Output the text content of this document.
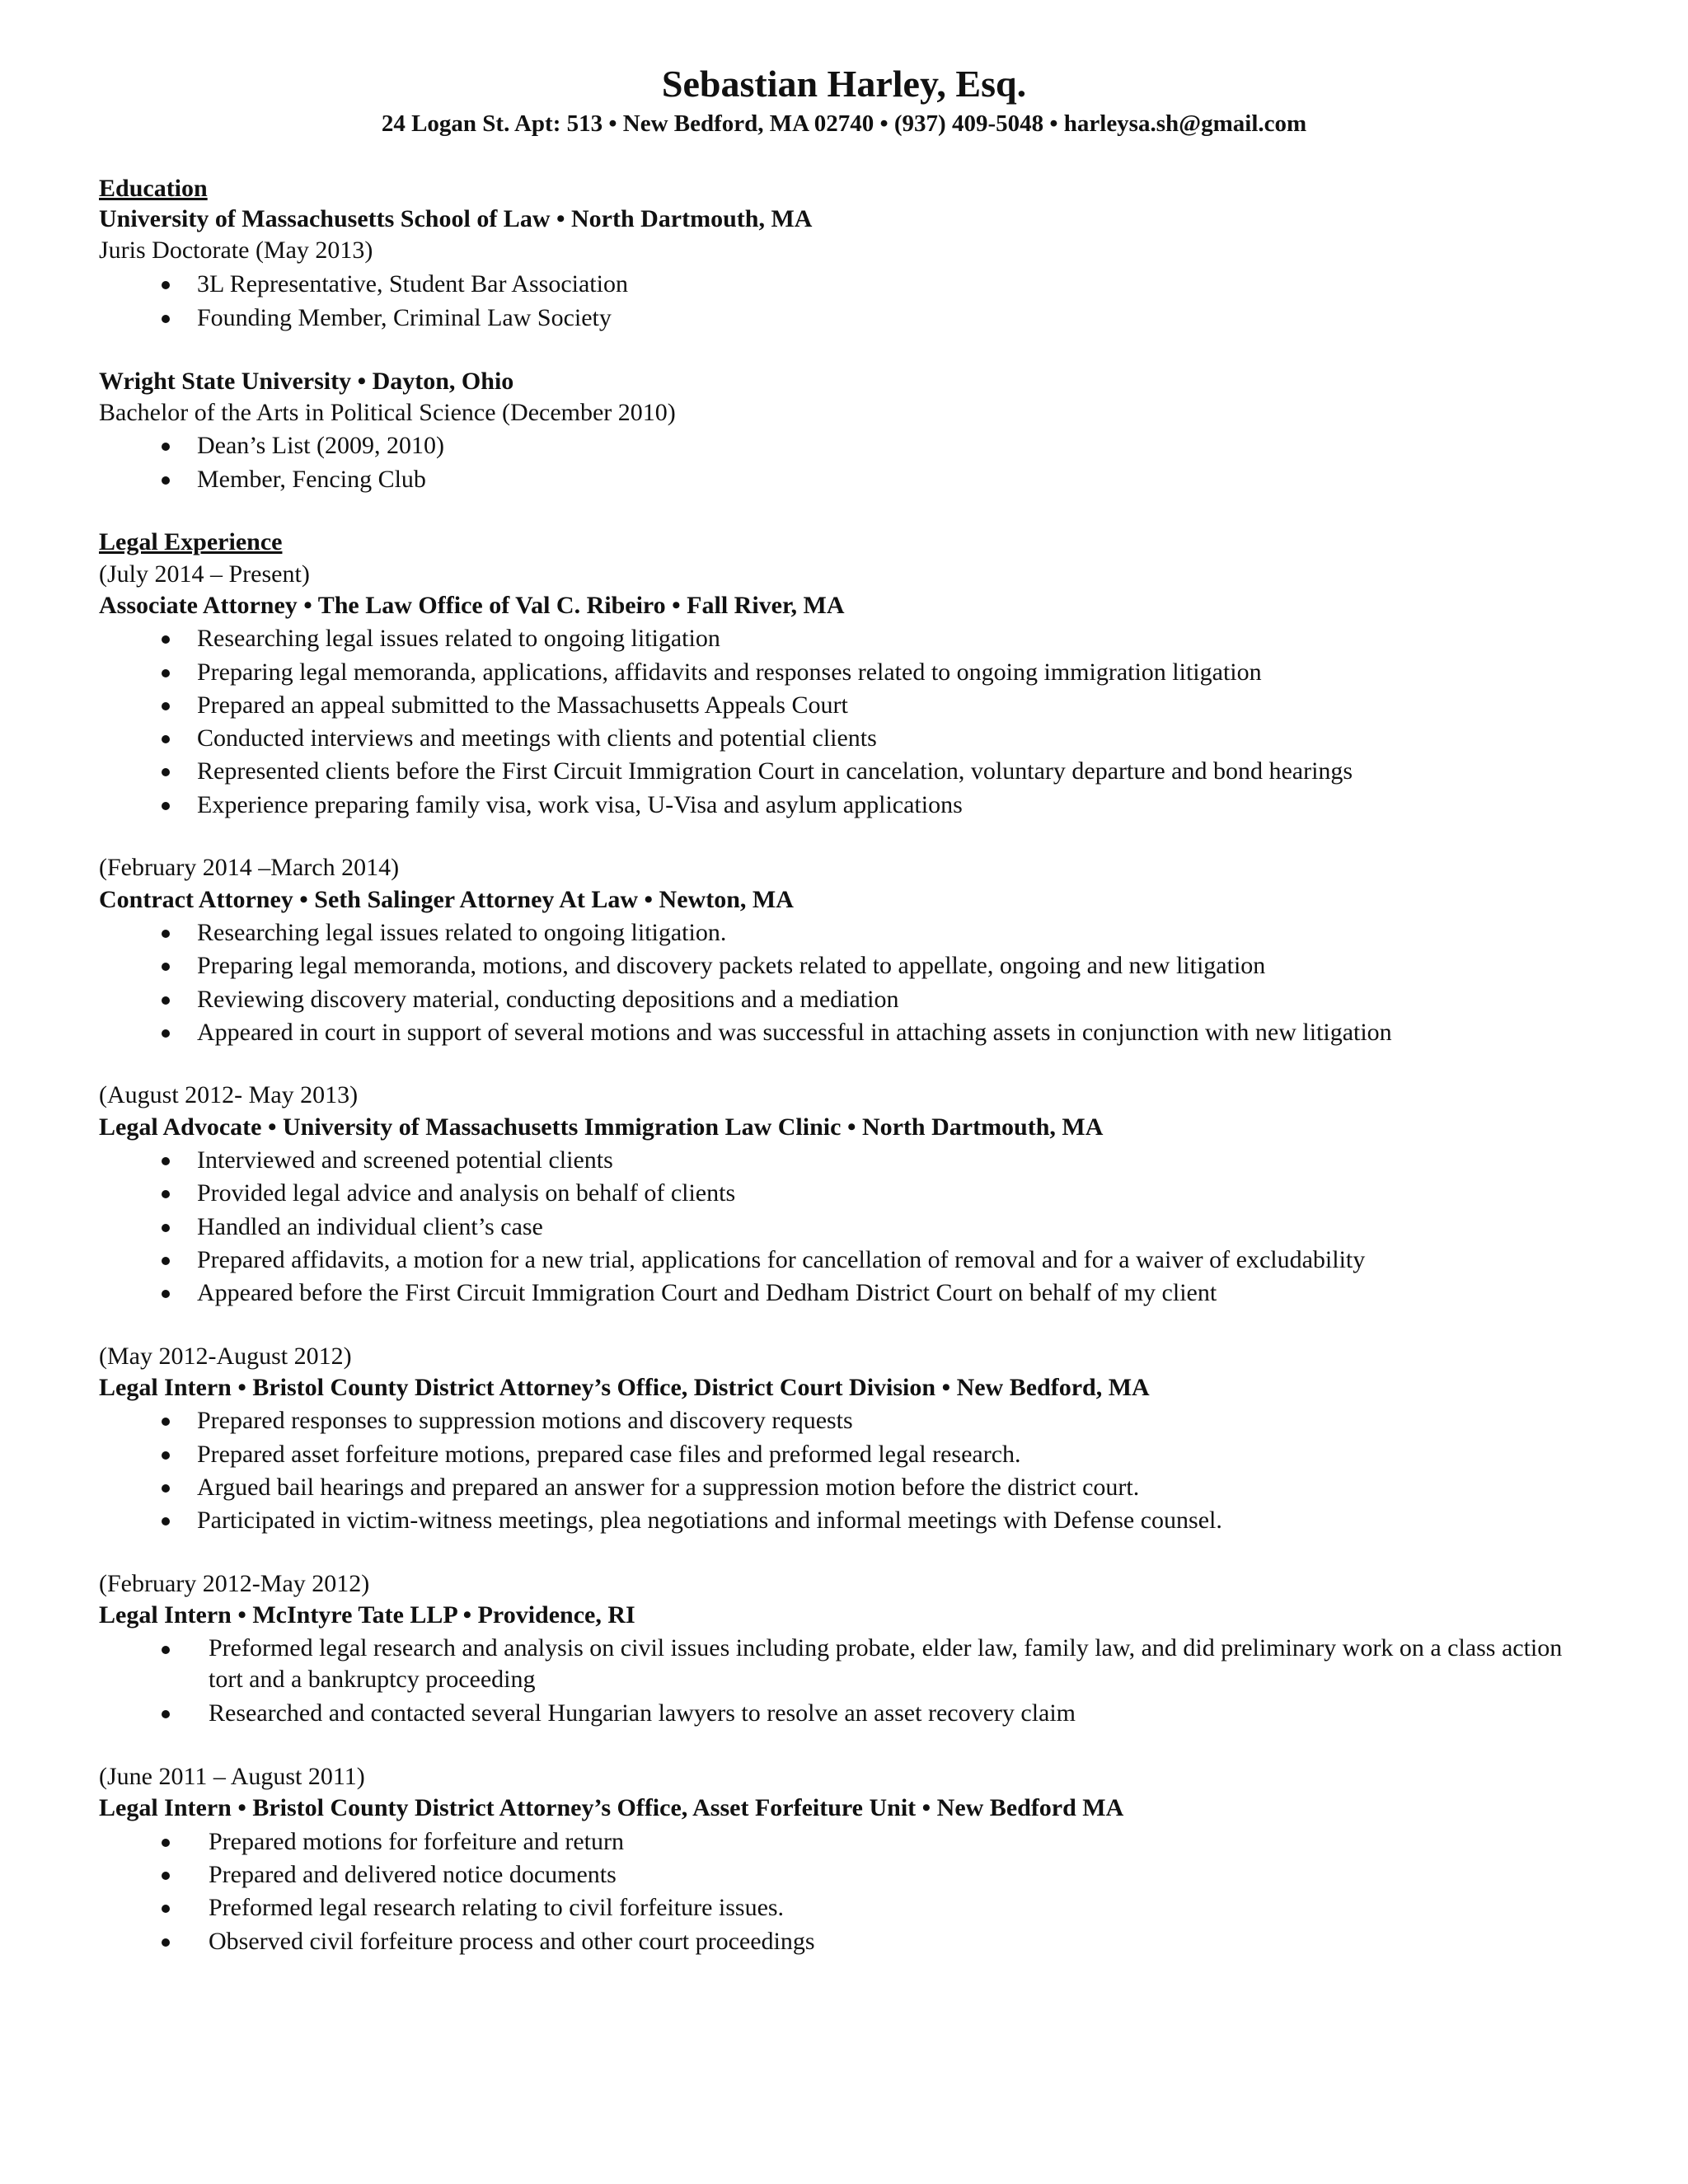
Sebastian Harley, Esq.
24 Logan St. Apt: 513 • New Bedford, MA 02740 • (937) 409-5048 • harleysa.sh@gmail.com
Education
University of Massachusetts School of Law • North Dartmouth, MA
Juris Doctorate (May 2013)
3L Representative, Student Bar Association
Founding Member, Criminal Law Society
Wright State University • Dayton, Ohio
Bachelor of the Arts in Political Science (December 2010)
Dean’s List (2009, 2010)
Member, Fencing Club
Legal Experience
(July 2014 – Present)
Associate Attorney • The Law Office of Val C. Ribeiro • Fall River, MA
Researching legal issues related to ongoing litigation
Preparing legal memoranda, applications, affidavits and responses related to ongoing immigration litigation
Prepared an appeal submitted to the Massachusetts Appeals Court
Conducted interviews and meetings with clients and potential clients
Represented clients before the First Circuit Immigration Court in cancelation, voluntary departure and bond hearings
Experience preparing family visa, work visa, U-Visa and asylum applications
(February 2014 –March 2014)
Contract Attorney • Seth Salinger Attorney At Law • Newton, MA
Researching legal issues related to ongoing litigation.
Preparing legal memoranda, motions, and discovery packets related to appellate, ongoing and new litigation
Reviewing discovery material, conducting depositions and a mediation
Appeared in court in support of several motions and was successful in attaching assets in conjunction with new litigation
(August 2012- May 2013)
Legal Advocate • University of Massachusetts Immigration Law Clinic • North Dartmouth, MA
Interviewed and screened potential clients
Provided legal advice and analysis on behalf of clients
Handled an individual client’s case
Prepared affidavits, a motion for a new trial, applications for cancellation of removal and for a waiver of excludability
Appeared before the First Circuit Immigration Court and Dedham District Court on behalf of my client
(May 2012-August 2012)
Legal Intern • Bristol County District Attorney’s Office, District Court Division • New Bedford, MA
Prepared responses to suppression motions and discovery requests
Prepared asset forfeiture motions, prepared case files and preformed legal research.
Argued bail hearings and prepared an answer for a suppression motion before the district court.
Participated in victim-witness meetings, plea negotiations and informal meetings with Defense counsel.
(February 2012-May 2012)
Legal Intern • McIntyre Tate LLP • Providence, RI
Preformed legal research and analysis on civil issues including probate, elder law, family law, and did preliminary work on a class action tort and a bankruptcy proceeding
Researched and contacted several Hungarian lawyers to resolve an asset recovery claim
(June 2011 – August 2011)
Legal Intern • Bristol County District Attorney’s Office, Asset Forfeiture Unit • New Bedford MA
Prepared motions for forfeiture and return
Prepared and delivered notice documents
Preformed legal research relating to civil forfeiture issues.
Observed civil forfeiture process and other court proceedings
